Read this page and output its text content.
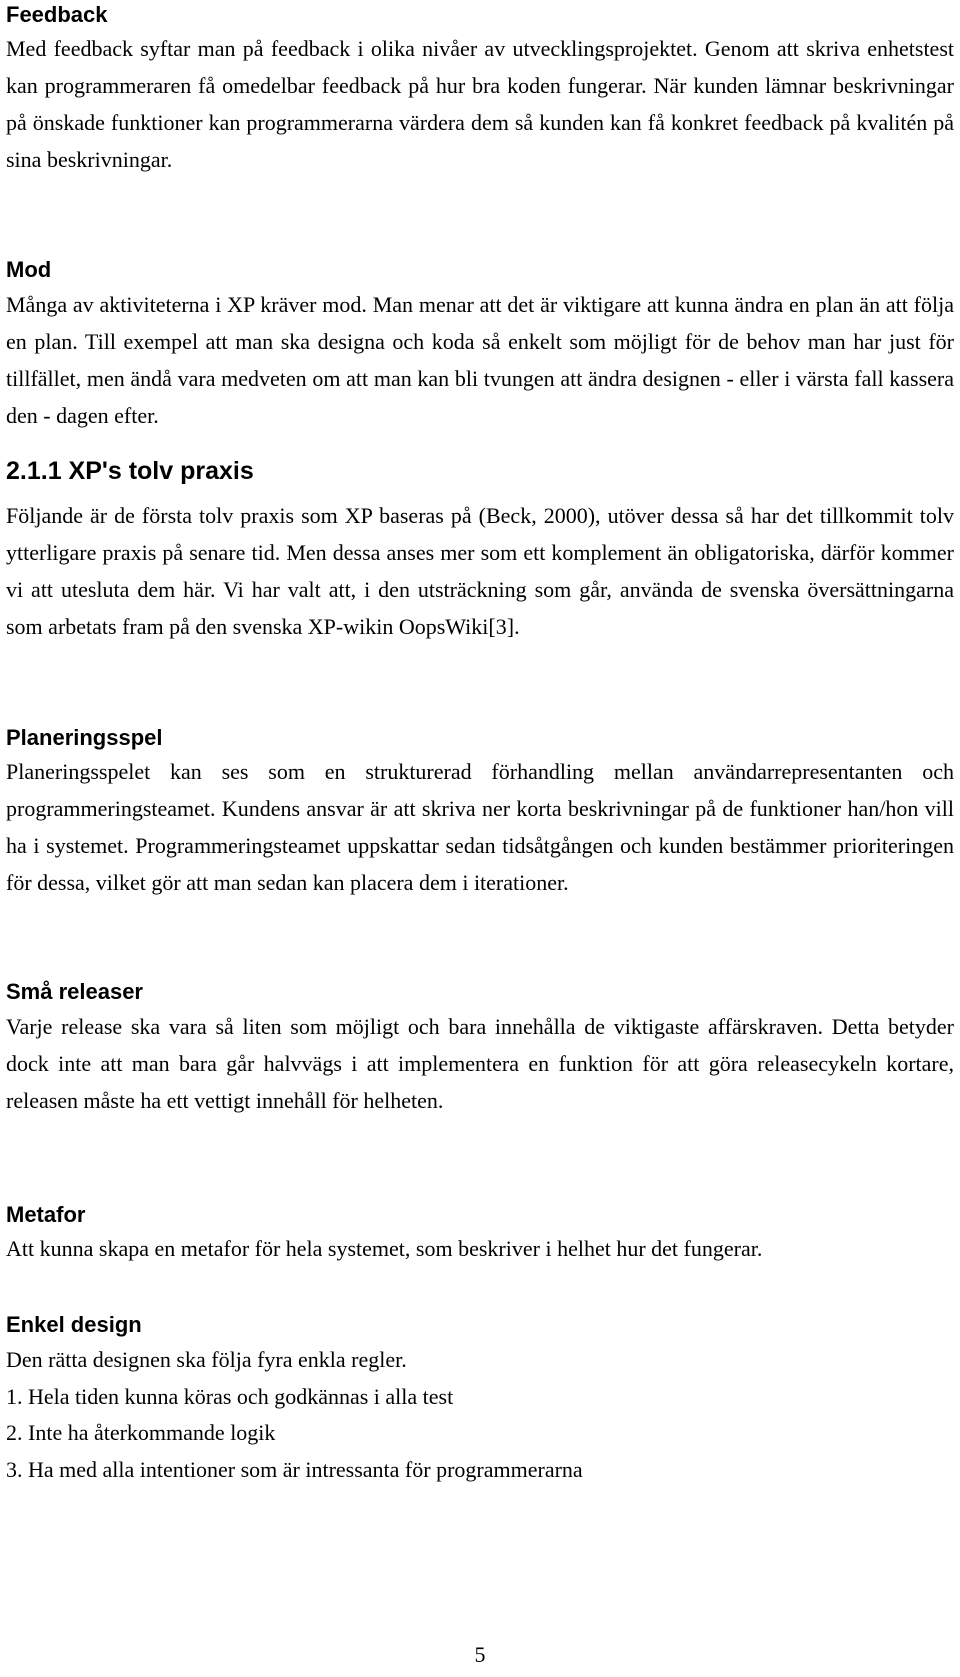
Feedback

Med feedback syftar man på feedback i olika nivåer av utvecklingsprojektet. Genom att skriva enhetstest kan programmeraren få omedelbar feedback på hur bra koden fungerar. När kunden lämnar beskrivningar på önskade funktioner kan programmerarna värdera dem så kunden kan få konkret feedback på kvalitén på sina beskrivningar.

Mod

Många av aktiviteterna i XP kräver mod. Man menar att det är viktigare att kunna ändra en plan än att följa en plan. Till exempel att man ska designa och koda så enkelt som möjligt för de behov man har just för tillfället, men ändå vara medveten om att man kan bli tvungen att ändra designen - eller i värsta fall kassera den - dagen efter.

2.1.1 XP's tolv praxis

Följande är de första tolv praxis som XP baseras på (Beck, 2000), utöver dessa så har det tillkommit tolv ytterligare praxis på senare tid. Men dessa anses mer som ett komplement än obligatoriska, därför kommer vi att utesluta dem här. Vi har valt att, i den utsträckning som går, använda de svenska översättningarna som arbetats fram på den svenska XP-wikin OopsWiki[3].

Planeringsspel

Planeringsspelet kan ses som en strukturerad förhandling mellan användarrepresentanten och programmeringsteamet. Kundens ansvar är att skriva ner korta beskrivningar på de funktioner han/hon vill ha i systemet. Programmeringsteamet uppskattar sedan tidsåtgången och kunden bestämmer prioriteringen för dessa, vilket gör att man sedan kan placera dem i iterationer.

Små releaser

Varje release ska vara så liten som möjligt och bara innehålla de viktigaste affärskraven. Detta betyder dock inte att man bara går halvvägs i att implementera en funktion för att göra releasecykeln kortare, releasen måste ha ett vettigt innehåll för helheten.

Metafor

Att kunna skapa en metafor för hela systemet, som beskriver i helhet hur det fungerar.

Enkel design

Den rätta designen ska följa fyra enkla regler.

1. Hela tiden kunna köras och godkännas i alla test

2. Inte ha återkommande logik

3. Ha med alla intentioner som är intressanta för programmerarna

5
